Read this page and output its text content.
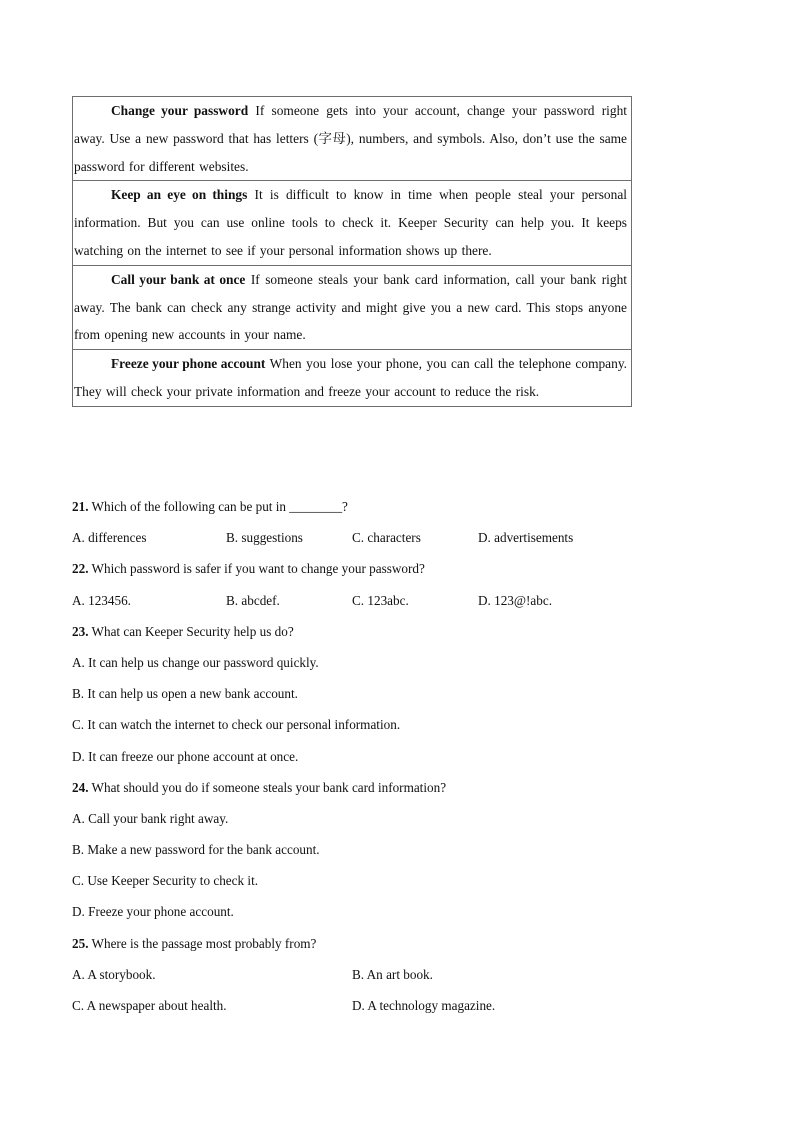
Change your password If someone gets into your account, change your password right away. Use a new password that has letters (字母), numbers, and symbols. Also, don’t use the same password for different websites.
Keep an eye on things It is difficult to know in time when people steal your personal information. But you can use online tools to check it. Keeper Security can help you. It keeps watching on the internet to see if your personal information shows up there.
Call your bank at once If someone steals your bank card information, call your bank right away. The bank can check any strange activity and might give you a new card. This stops anyone from opening new accounts in your name.
Freeze your phone account When you lose your phone, you can call the telephone company. They will check your private information and freeze your account to reduce the risk.
21. Which of the following can be put in ________?
A. differences	B. suggestions	C. characters	D. advertisements
22. Which password is safer if you want to change your password?
A. 123456.	B. abcdef.	C. 123abc.	D. 123@!abc.
23. What can Keeper Security help us do?
A. It can help us change our password quickly.
B. It can help us open a new bank account.
C. It can watch the internet to check our personal information.
D. It can freeze our phone account at once.
24. What should you do if someone steals your bank card information?
A. Call your bank right away.
B. Make a new password for the bank account.
C. Use Keeper Security to check it.
D. Freeze your phone account.
25. Where is the passage most probably from?
A. A storybook.	B. An art book.
C. A newspaper about health.	D. A technology magazine.
